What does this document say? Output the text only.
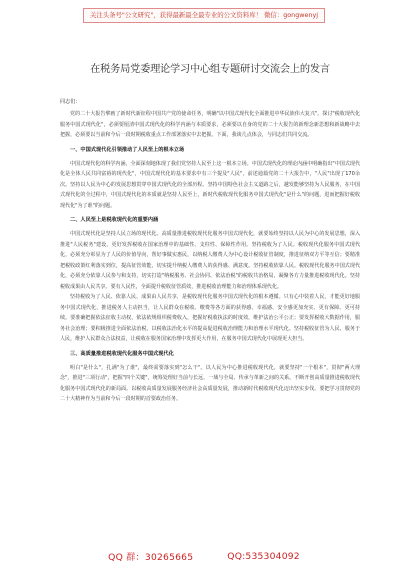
关注头条号"公文研究"，获得最新最全最专业的公文资料库！ 微信：gongwenyj
在税务局党委理论学习中心组专题研讨交流会上的发言
同志们：

党的二十大报告擘画了新时代新征程中国共产党的使命任务，明确"以中国式现代化全面推进中华民族伟大复兴"。探讨"税收现代化服务中国式现代化"，必须要厘清中国式现代化的科学内涵与本质要求，必须要以自身的党的二十大报告的新理念新思想和新战略中去把握，必须要以当前和今后一段时期税收重点工作部署落实中去把握。下面，我谈几点体会，与同志们共同交流。

一、中国式现代化引领推动了人民至上的根本立场

中国式现代化的科学内涵，全面深刻地体现了我们党坚持人民至上这一根本立场。中国式现代化的理论内涵中明确指出"中国式现代化是全体人民共同富裕的现代化"，中国式现代化的基本要求中有三个提及"人民"，前述通篇党的二十大报告中，"人民"出现了170余次。坚持以人民为中心的发展思想贯穿中国式现代化的全部历程。坚持中国特色社会主义道路之后，越发能够坚持为人民服务，在中国式现代化的全过程中，中国式现代化的本质就是坚持人民至上，新时代税收现代化服务中国式现代化"是什么"的问题，进而把握好税收现代化"为了谁"的问题。

二、人民至上是税收现代化的重要内涵

中国式现代化是坚持人民立场的现代化。高质量推进税收现代化服务中国式现代化，就要始终坚持以人民为中心的发展思想，深入推进"人民税务"建设，更好发挥税收在国家治理中的基础性、支柱性、保障性作用。坚持税收为了人民。税收现代化服务中国式现代化，必须充分彰显为了人民的价值导向，帮好事做实惠民，以纳税人缴费人为中心设计税收征管制度，推进征纳双方平等互信；要精准把税收政策红利落实到位，提高征管效能，切实提升纳税人缴费人的获得感、满意度。坚持税收依靠人民。税收现代化服务中国式现代化，必须充分依靠人民参与和支持，切实打造"纳税服务、社会协同、依法治税"的税收共治格局，凝聚各方力量推进税收现代化。坚持税收成果由人民共享。要有人民性，全面提升税收征管质效，推进税收治理能力和治理体系现代化。

坚持税收为了人民、依靠人民、成果由人民共享，是税收现代化服务中国式现代化的根本遵循。只有心中装着人民，才能更好地服务中国式现代化，推进税务人主动担当，让人民群众在税收、缴费等各方面的获得感、幸福感、安全感更加充实、更有保障、更可持续。要准确把握依法征收主动权，依法依规组织税费收入，把握好税收执法的时度效，维护法治公平公正；要发挥税收大数据作用，服务社会治理；要积极推进全面依法治税，以税收法治化水平的提高促进税收治理能力和治理水平现代化。坚持税收征管为人民、服务于人民，维护人民群众合法权益，让税收在服务国家治理中发挥更大作用，在服务中国式现代化中展现更大担当。

三、高质量推进税收现代化服务中国式现代化

明白"是什么"，扎满"为了谁"，最终需要落实到"怎么干"。以人民为中心推进税收现代化，就要坚持"一个根本"，贯彻"两大理念"，推进"三项行动"，把握"四个关键"，统筹处理好当前与长远、一域与全局、传承与革新之间的关系。不断开创高质量推进税收现代化服务中国式现代化的新局面。以税收高质量发展服务经济社会高质量发展，推动新时代税收现代化迈出坚实步伐。要把学习贯彻党的二十大精神作为当前和今后一段时期的首要政治任务。

QQ 群：30265665	QQ:535304092
